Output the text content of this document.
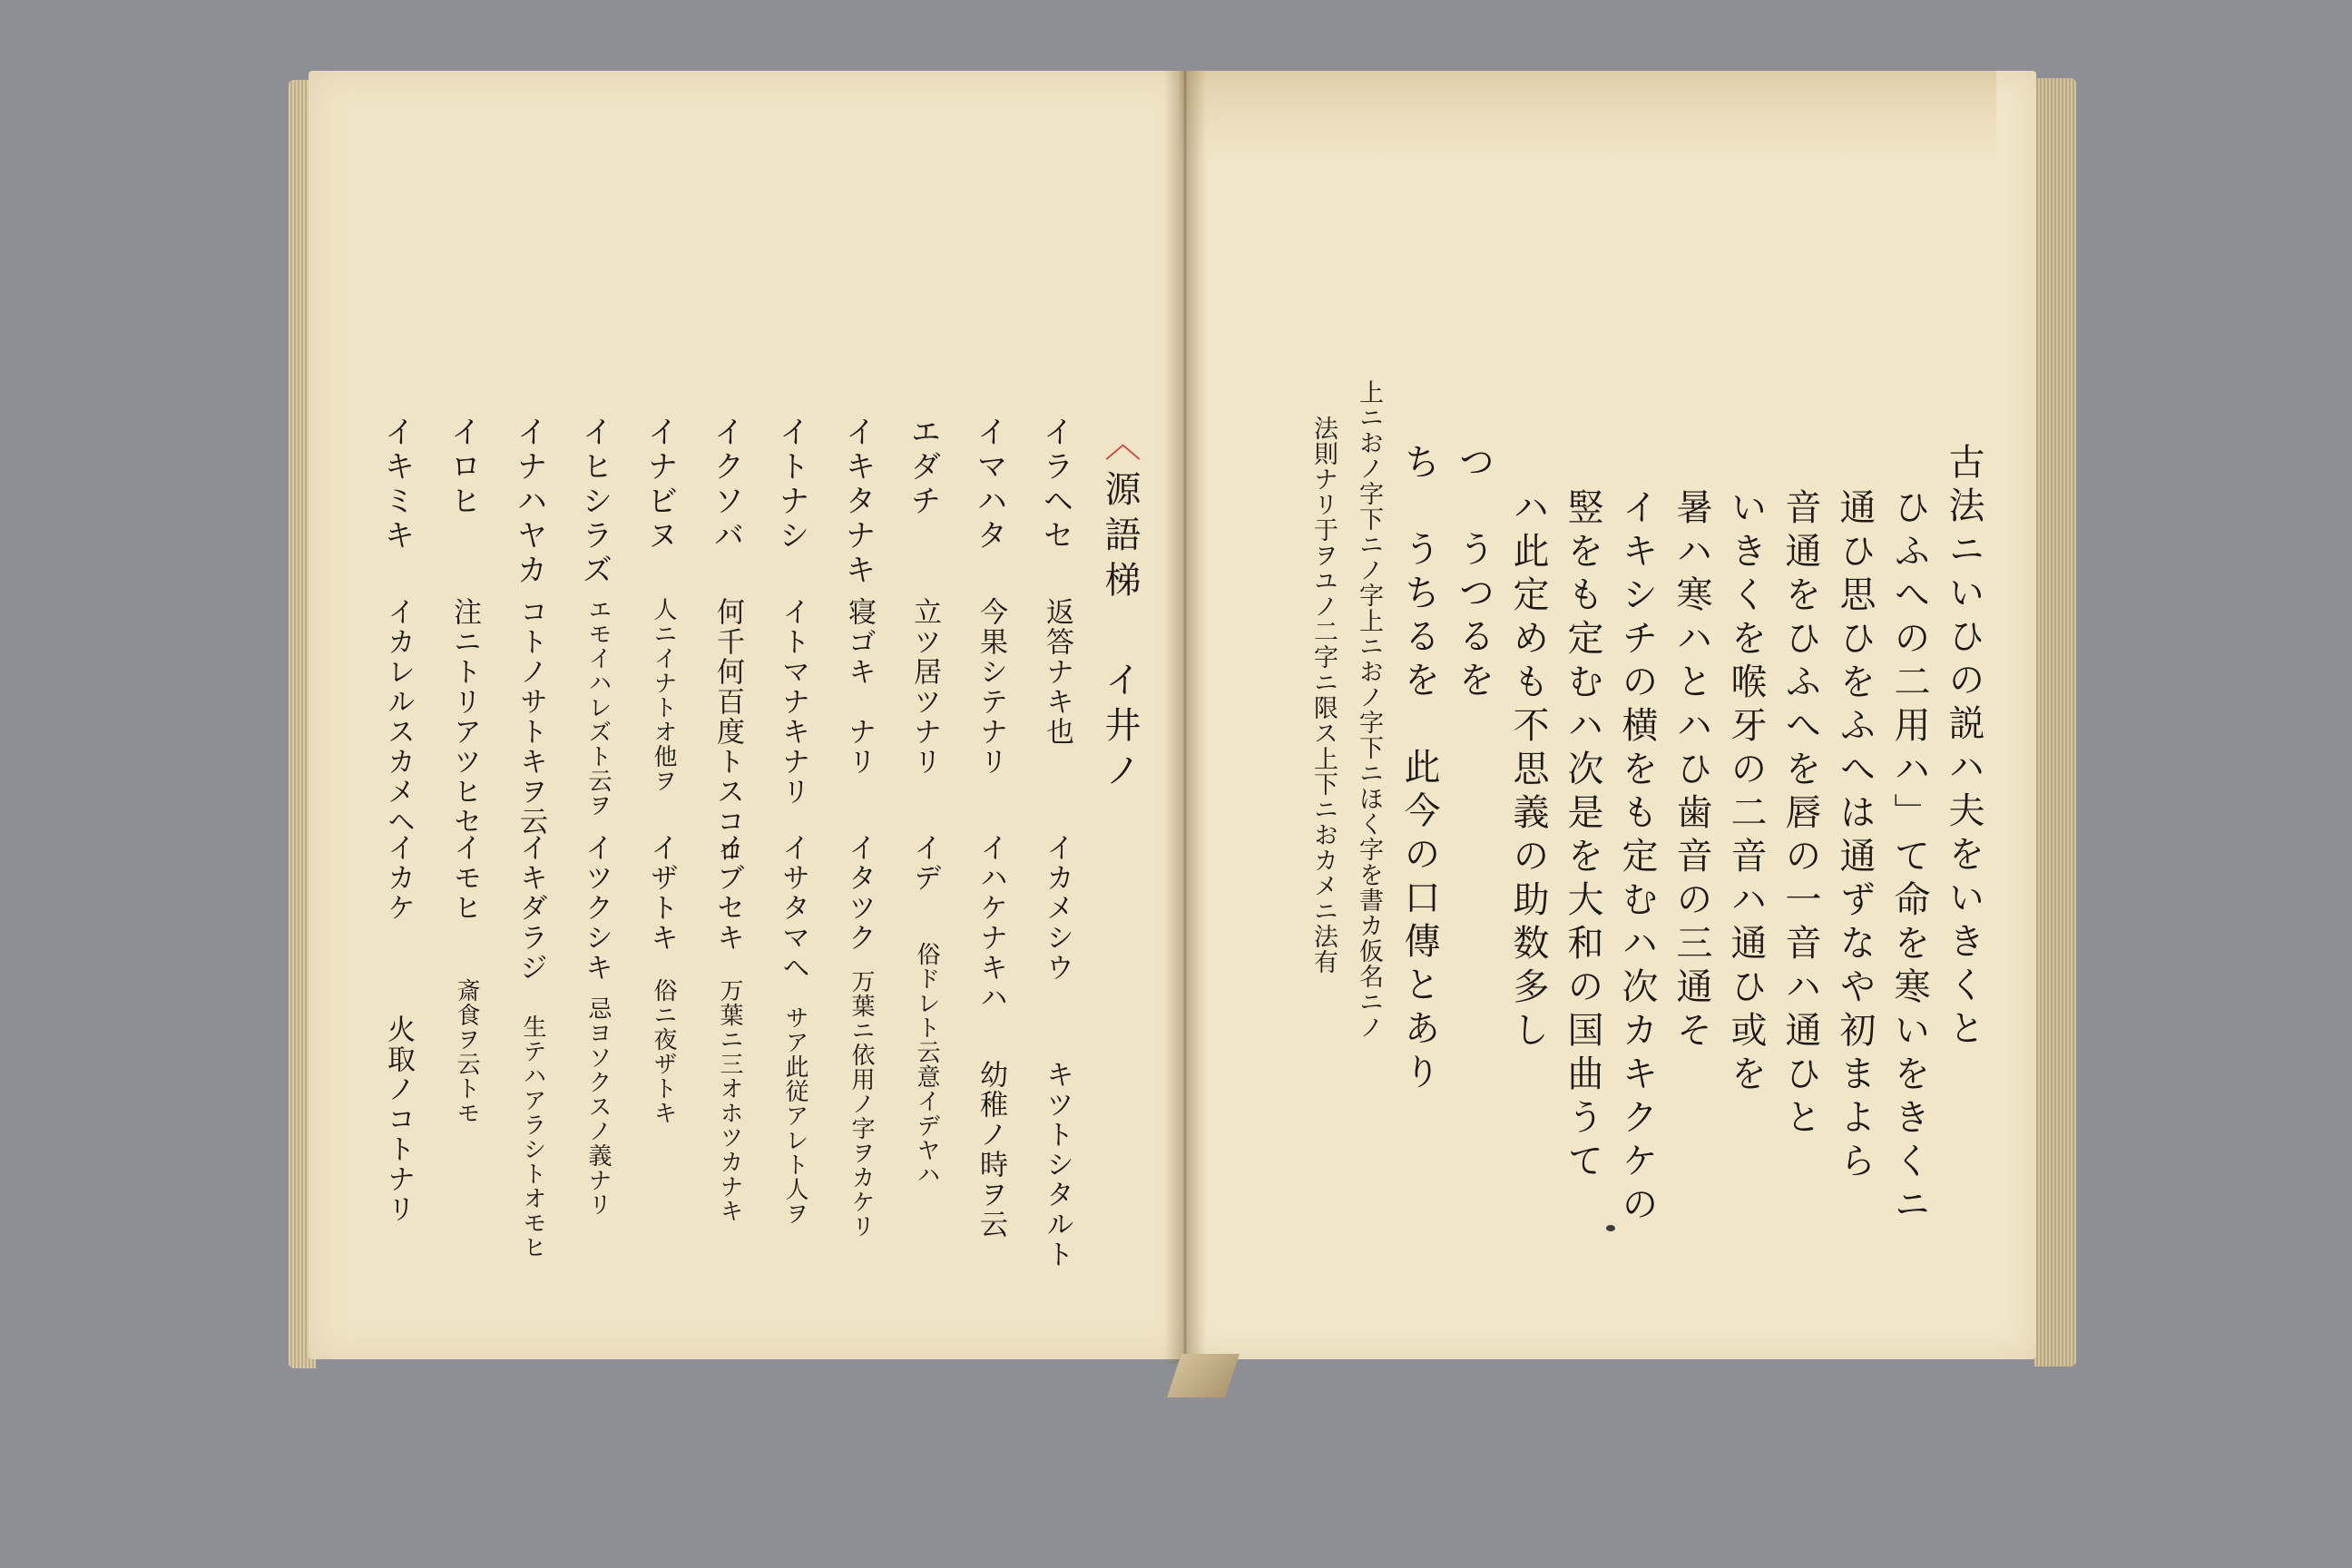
〈源語梯イ井ノ
イラヘセ
返答ナキ也
イカメシウ
キツトシタルト
イマハタ
今果シテナリ
イハケナキハ
幼稚ノ時ヲ云
エダチ
立ツ居ツナリ
イデ
俗ドレト云意イデヤハ
イキタナキ
寝ゴキ　ナリ
イタツク
万葉ニ依用ノ字ヲカケリ
イトナシ
イトマナキナリ
イサタマヘ
サア此従アレト人ヲ
イクソバ
何千何百度トスコロ
イブセキ
万葉ニ三オホツカナキ
イナビヌ
人ニイナトオ他ヲ
イザトキ
俗ニ夜ザトキ
イヒシラズ
エモイハレズト云ヲ
イツクシキ
忌ヨソクスノ義ナリ
イナハヤカ
コトノサトキヲ云
イキダラジ
生テハアラシトオモヒ
イロヒ
注ニトリアツヒセ
イモヒ
斎食ヲ云トモ
イキミキ
イカレルスカメヘ
イカケ
火取ノコトナリ
古法ニいひの説ハ夫をいきくと
ひふへの二用ハ」て命を寒いをきくニ
通ひ思ひをふへは通ずなや初まよら
音通をひふへを唇の一音ハ通ひと
いきくを喉牙の二音ハ通ひ或を
暑ハ寒ハとハひ歯音の三通そ
イキシチの横をも定むハ次カキクケの
竪をも定むハ次是を大和の国曲うて
ハ此定めも不思義の助数多し
つ　うつるを
ち　うちるを　此今の口傳とあり
上ニおノ字下ニノ字上ニおノ字下ニほく字を書カ仮名ニノ
法則ナリ于ヲユノ二字ニ限ス上下ニおカメニ法有
